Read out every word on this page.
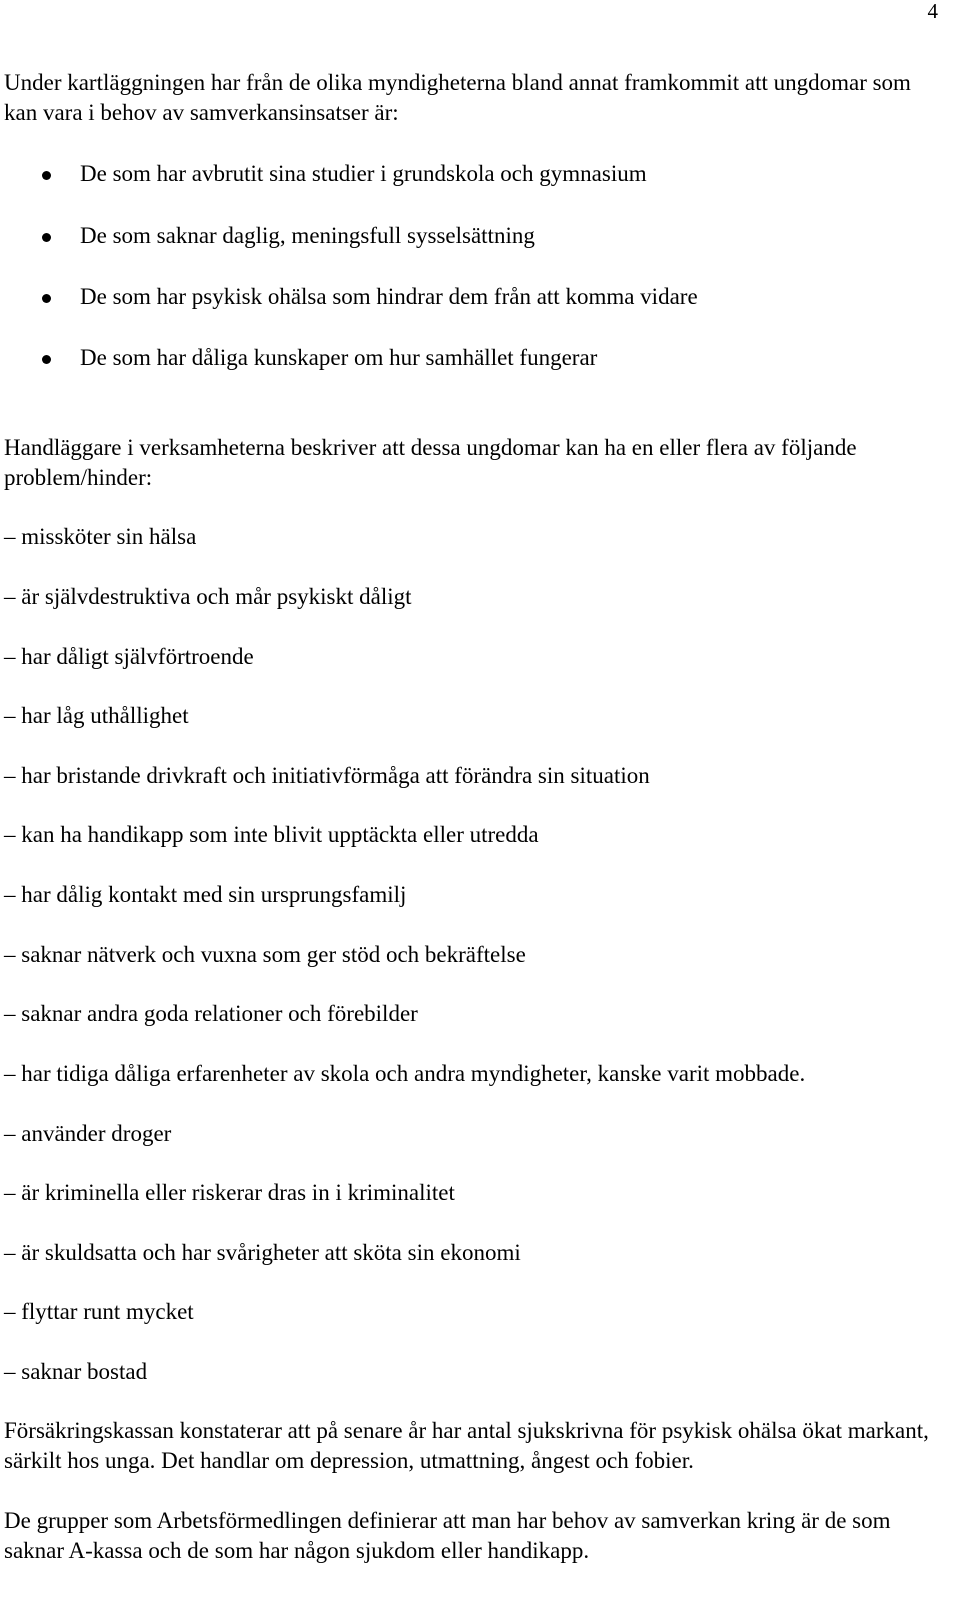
4

Under kartläggningen har från de olika myndigheterna bland annat framkommit att ungdomar som kan vara i behov av samverkansinsatser är:

De som har avbrutit sina studier i grundskola och gymnasium
De som saknar daglig, meningsfull sysselsättning
De som har psykisk ohälsa som hindrar dem från att komma vidare
De som har dåliga kunskaper om hur samhället fungerar

Handläggare i verksamheterna beskriver att dessa ungdomar kan ha en eller flera av följande problem/hinder:

– missköter sin hälsa
– är självdestruktiva och mår psykiskt dåligt
– har dåligt självförtroende
– har låg uthållighet
– har bristande drivkraft och initiativförmåga att förändra sin situation
– kan ha handikapp som inte blivit upptäckta eller utredda
– har dålig kontakt med sin ursprungsfamilj
– saknar nätverk och vuxna som ger stöd och bekräftelse
– saknar andra goda relationer och förebilder
– har tidiga dåliga erfarenheter av skola och andra myndigheter, kanske varit mobbade.
– använder droger
– är kriminella eller riskerar dras in i kriminalitet
– är skuldsatta och har svårigheter att sköta sin ekonomi
– flyttar runt mycket
– saknar bostad

Försäkringskassan konstaterar att på senare år har antal sjukskrivna för psykisk ohälsa ökat markant, särkilt hos unga. Det handlar om depression, utmattning, ångest och fobier.

De grupper som Arbetsförmedlingen definierar att man har behov av samverkan kring är de som saknar A-kassa och de som har någon sjukdom eller handikapp.
